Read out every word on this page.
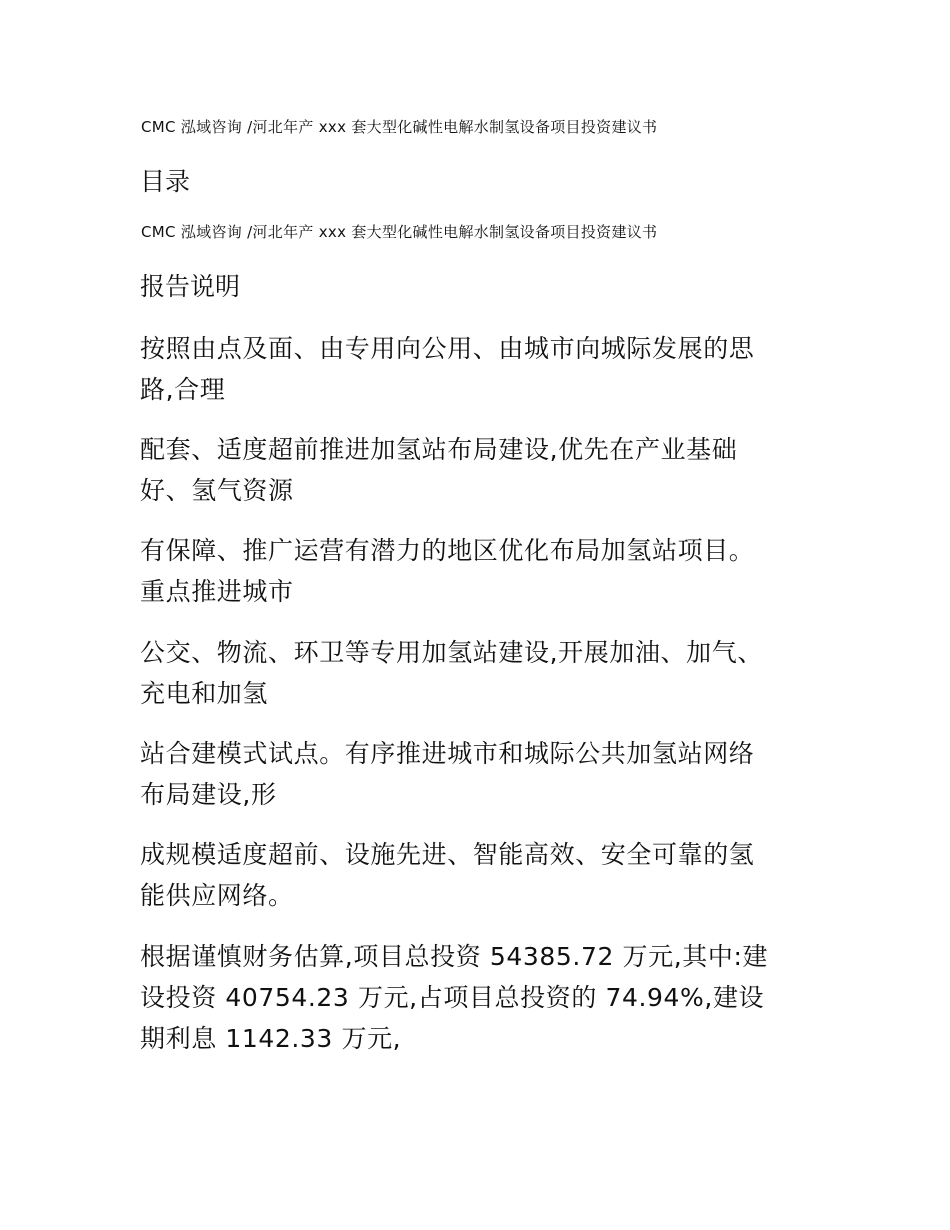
CMC 泓域咨询 /河北年产 xxx 套大型化碱性电解水制氢设备项目投资建议书
目录
CMC 泓域咨询 /河北年产 xxx 套大型化碱性电解水制氢设备项目投资建议书
报告说明

按照由点及面、由专用向公用、由城市向城际发展的思
路,合理

配套、适度超前推进加氢站布局建设,优先在产业基础
好、氢气资源

有保障、推广运营有潜力的地区优化布局加氢站项目。
重点推进城市

公交、物流、环卫等专用加氢站建设,开展加油、加气、
充电和加氢

站合建模式试点。有序推进城市和城际公共加氢站网络
布局建设,形

成规模适度超前、设施先进、智能高效、安全可靠的氢
能供应网络。

根据谨慎财务估算,项目总投资 54385.72 万元,其中:建
设投资 40754.23 万元,占项目总投资的 74.94%,建设
期利息 1142.33 万元,
